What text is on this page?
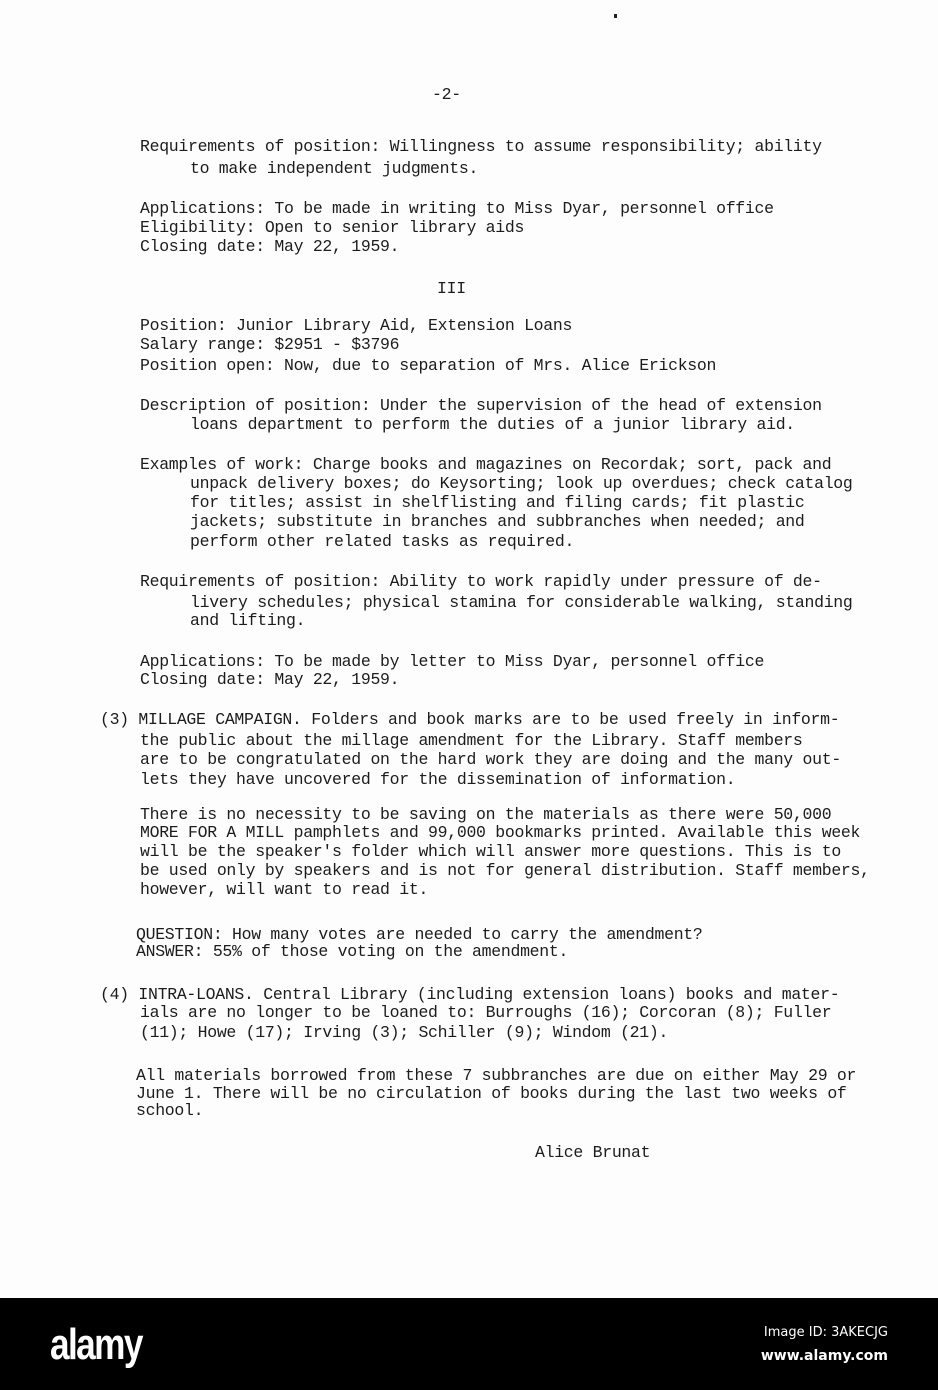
-2-
Requirements of position: Willingness to assume responsibility; ability
to make independent judgments.
Applications: To be made in writing to Miss Dyar, personnel office
Eligibility: Open to senior library aids
Closing date: May 22, 1959.
III
Position: Junior Library Aid, Extension Loans
Salary range: $2951 - $3796
Position open: Now, due to separation of Mrs. Alice Erickson
Description of position: Under the supervision of the head of extension
loans department to perform the duties of a junior library aid.
Examples of work: Charge books and magazines on Recordak; sort, pack and
unpack delivery boxes; do Keysorting; look up overdues; check catalog
for titles; assist in shelflisting and filing cards; fit plastic
jackets; substitute in branches and subbranches when needed; and
perform other related tasks as required.
Requirements of position: Ability to work rapidly under pressure of de-
livery schedules; physical stamina for considerable walking, standing
and lifting.
Applications: To be made by letter to Miss Dyar, personnel office
Closing date: May 22, 1959.
(3) MILLAGE CAMPAIGN. Folders and book marks are to be used freely in inform-
the public about the millage amendment for the Library. Staff members
are to be congratulated on the hard work they are doing and the many out-
lets they have uncovered for the dissemination of information.
There is no necessity to be saving on the materials as there were 50,000
MORE FOR A MILL pamphlets and 99,000 bookmarks printed. Available this week
will be the speaker's folder which will answer more questions. This is to
be used only by speakers and is not for general distribution. Staff members,
however, will want to read it.
QUESTION: How many votes are needed to carry the amendment?
ANSWER: 55% of those voting on the amendment.
(4) INTRA-LOANS. Central Library (including extension loans) books and mater-
ials are no longer to be loaned to: Burroughs (16); Corcoran (8); Fuller
(11); Howe (17); Irving (3); Schiller (9); Windom (21).
All materials borrowed from these 7 subbranches are due on either May 29 or
June 1. There will be no circulation of books during the last two weeks of
school.
Alice Brunat
alamy	Image ID: 3AKECJG
www.alamy.com
